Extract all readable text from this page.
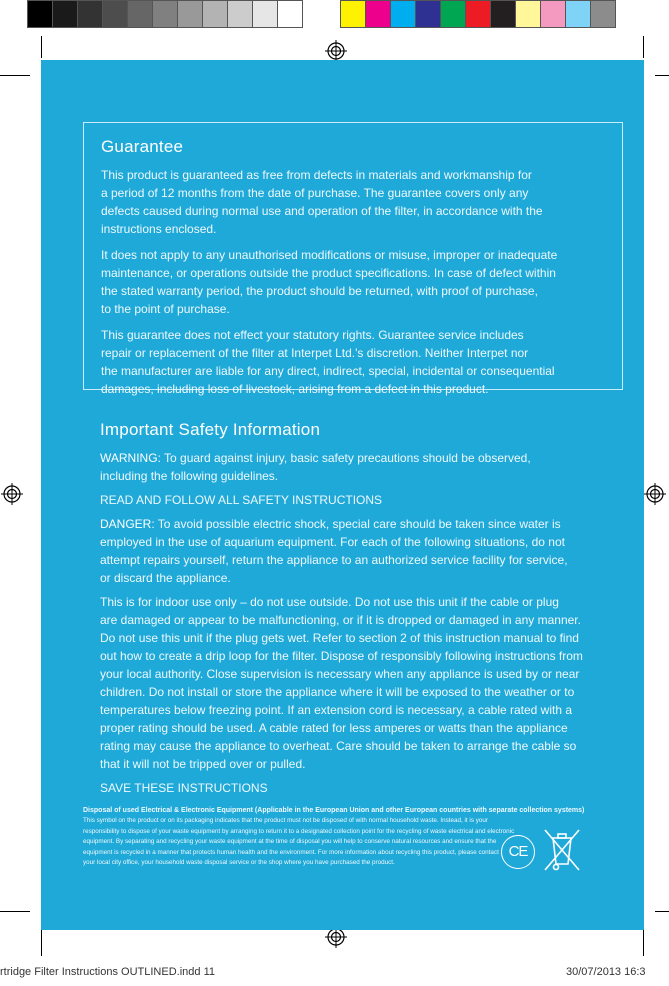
Guarantee

This product is guaranteed as free from defects in materials and workmanship for
a period of 12 months from the date of purchase. The guarantee covers only any
defects caused during normal use and operation of the filter, in accordance with the
instructions enclosed.

It does not apply to any unauthorised modifications or misuse, improper or inadequate
maintenance, or operations outside the product specifications. In case of defect within
the stated warranty period, the product should be returned, with proof of purchase,
to the point of purchase.

This guarantee does not effect your statutory rights. Guarantee service includes
repair or replacement of the filter at Interpet Ltd.'s discretion. Neither Interpet nor
the manufacturer are liable for any direct, indirect, special, incidental or consequential
damages, including loss of livestock, arising from a defect in this product.

Important Safety Information

WARNING: To guard against injury, basic safety precautions should be observed,
including the following guidelines.

READ AND FOLLOW ALL SAFETY INSTRUCTIONS

DANGER: To avoid possible electric shock, special care should be taken since water is
employed in the use of aquarium equipment. For each of the following situations, do not
attempt repairs yourself, return the appliance to an authorized service facility for service,
or discard the appliance.

This is for indoor use only – do not use outside. Do not use this unit if the cable or plug
are damaged or appear to be malfunctioning, or if it is dropped or damaged in any manner.
Do not use this unit if the plug gets wet. Refer to section 2 of this instruction manual to find
out how to create a drip loop for the filter. Dispose of responsibly following instructions from
your local authority. Close supervision is necessary when any appliance is used by or near
children. Do not install or store the appliance where it will be exposed to the weather or to
temperatures below freezing point. If an extension cord is necessary, a cable rated with a
proper rating should be used. A cable rated for less amperes or watts than the appliance
rating may cause the appliance to overheat. Care should be taken to arrange the cable so
that it will not be tripped over or pulled.

SAVE THESE INSTRUCTIONS

Disposal of used Electrical & Electronic Equipment (Applicable in the European Union and other European countries with separate collection systems)

This symbol on the product or on its packaging indicates that the product must not be disposed of with normal household waste. Instead, it is your
responsibility to dispose of your waste equipment by arranging to return it to a designated collection point for the recycling of waste electrical and electronic
equipment. By separating and recycling your waste equipment at the time of disposal you will help to conserve natural resources and ensure that the
equipment is recycled in a manner that protects human health and the environment. For more information about recycling this product, please contact
your local city office, your household waste disposal service or the shop where you have purchased the product.

CE
rtridge Filter Instructions OUTLINED.indd 11	30/07/2013 16:3
